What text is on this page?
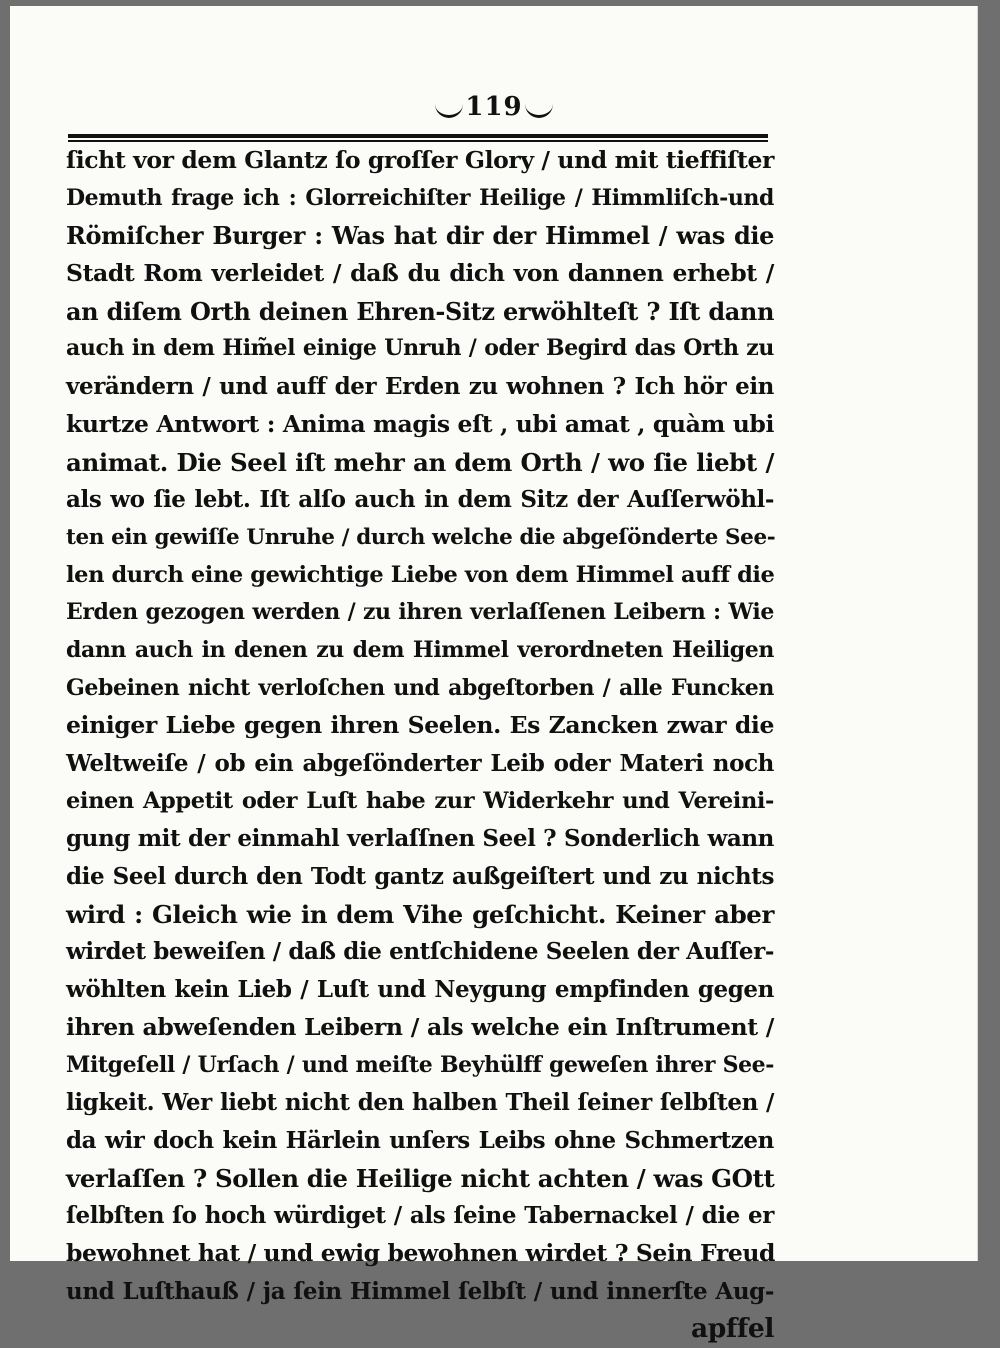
119
ſicht vor dem Glantz ſo groſſer Glory / und mit tieffiſter
Demuth frage ich : Glorreichiſter Heilige / Himmliſch-und
Römiſcher Burger : Was hat dir der Himmel / was die
Stadt Rom verleidet / daß du dich von dannen erhebt /
an diſem Orth deinen Ehren-Sitz erwöhlteſt ? Iſt dann
auch in dem Him̃el einige Unruh / oder Begird das Orth zu
verändern / und auff der Erden zu wohnen ? Ich hör ein
kurtze Antwort : Anima magis eſt , ubi amat , quàm ubi
animat. Die Seel iſt mehr an dem Orth / wo ſie liebt /
als wo ſie lebt. Iſt alſo auch in dem Sitz der Auſſerwöhl-
ten ein gewiſſe Unruhe / durch welche die abgeſönderte See-
len durch eine gewichtige Liebe von dem Himmel auff die
Erden gezogen werden / zu ihren verlaſſenen Leibern : Wie
dann auch in denen zu dem Himmel verordneten Heiligen
Gebeinen nicht verloſchen und abgeſtorben / alle Funcken
einiger Liebe gegen ihren Seelen. Es Zancken zwar die
Weltweiſe / ob ein abgeſönderter Leib oder Materi noch
einen Appetit oder Luſt habe zur Widerkehr und Vereini-
gung mit der einmahl verlaſſnen Seel ? Sonderlich wann
die Seel durch den Todt gantz außgeiſtert und zu nichts
wird : Gleich wie in dem Vihe geſchicht. Keiner aber
wirdet beweiſen / daß die entſchidene Seelen der Auſſer-
wöhlten kein Lieb / Luſt und Neygung empfinden gegen
ihren abweſenden Leibern / als welche ein Inſtrument /
Mitgeſell / Urſach / und meiſte Beyhülff geweſen ihrer See-
ligkeit. Wer liebt nicht den halben Theil ſeiner ſelbſten /
da wir doch kein Härlein unſers Leibs ohne Schmertzen
verlaſſen ? Sollen die Heilige nicht achten / was GOtt
ſelbſten ſo hoch würdiget / als ſeine Tabernackel / die er
bewohnet hat / und ewig bewohnen wirdet ? Sein Freud
und Luſthauß / ja ſein Himmel ſelbſt / und innerſte Aug-
apffel
